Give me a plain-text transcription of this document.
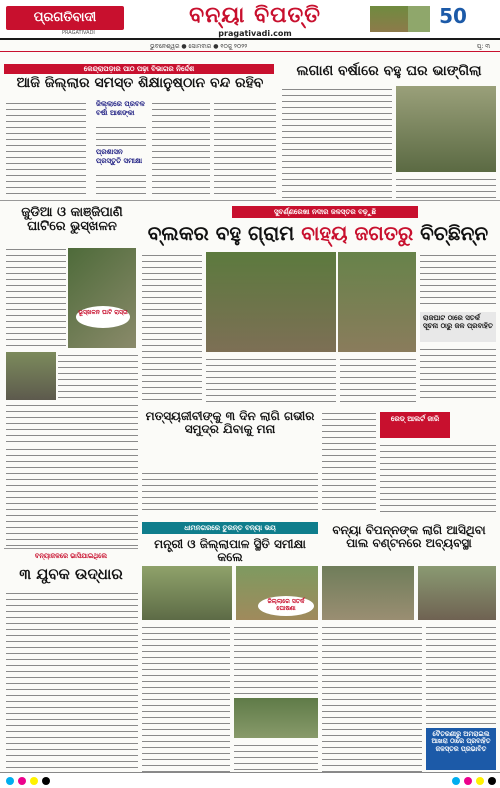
ପ୍ରଗତିବାଦୀ
PRAGATIVADI
ବନ୍ୟା ବିପତ୍ତି
pragativadi.com
50
ଭୁବନେଶ୍ୱର ● ସୋମବାର ● ୧୦ଜୁ ୨୦୨୨	ପୃ: ୩
କେନ୍ଦ୍ରାପଡ଼ାର ପାଠ ପଢ଼ା ବିଭାଗର ନିର୍ଦ୍ଦେଶ
ଆଜି ଜିଲ୍ଲାର ସମସ୍ତ ଶିକ୍ଷାନୁଷ୍ଠାନ ବନ୍ଦ ରହିବ
ଜିଲ୍ଲାରେ ପ୍ରବଳ ବର୍ଷା ଆଶଙ୍କା
ପ୍ରଶାସନ ପ୍ରସ୍ତୁତି ସମୀକ୍ଷା
ଲଗାଣ ବର୍ଷାରେ ବହୁ ଘର ଭାଙ୍ଗିଲା
ଜୁଡିଆ ଓ କାଞ୍ଜିପାଣି ଘାଟିରେ ଭୁସ୍ଖଳନ
ଭୂସ୍ଖଳନ ଘାଟି ରାସ୍ତା
ସୁବର୍ଣ୍ଣରେଖା ନଦୀର ଜଳସ୍ତର ବଢ଼ୁଛି
ବ୍ଲକର ବହୁ ଗ୍ରାମ ବାହ୍ୟ ଜଗତରୁ ବିଚ୍ଛିନ୍ନ
ରାଜଘାଟ ଠାରେ ସତର୍କ ସୂଚନା ଠାରୁ ଜଳ ପ୍ରବାହିତ
ମତ୍ସ୍ୟଜୀବୀଙ୍କୁ ୩ ଦିନ ଲାଗି ଗଭୀର ସମୁଦ୍ର ଯିବାକୁ ମନା
ରେଡ୍ ଆଲର୍ଟ ଜାରି
ଧାମନଗରରେ ତୁରନ୍ତ ବନ୍ୟା ଭୟ
ମନ୍ତ୍ରୀ ଓ ଜିଲ୍ଲାପାଳ ସ୍ଥିତି ସମୀକ୍ଷା କଲେ
ଜିଲ୍ଲାରେ ସତର୍କ ଘୋଷଣା
ବନ୍ୟା ବିପନ୍ନଙ୍କ ଲାଗି ଆସିଥିବା ପାଲ ବଣ୍ଟନରେ ଅବ୍ୟବସ୍ଥା
ବୈତରଣୀରୁ ଅମରାଇଲ ଆଖରା ଠାରେ ପ୍ରବାହିତ ଜଳସ୍ତର ପ୍ରଭାବିତ
ବନ୍ୟାଜଳରେ ଭାସିଯାଇଥିଲେ
୩ ଯୁବକ ଉଦ୍ଧାର
